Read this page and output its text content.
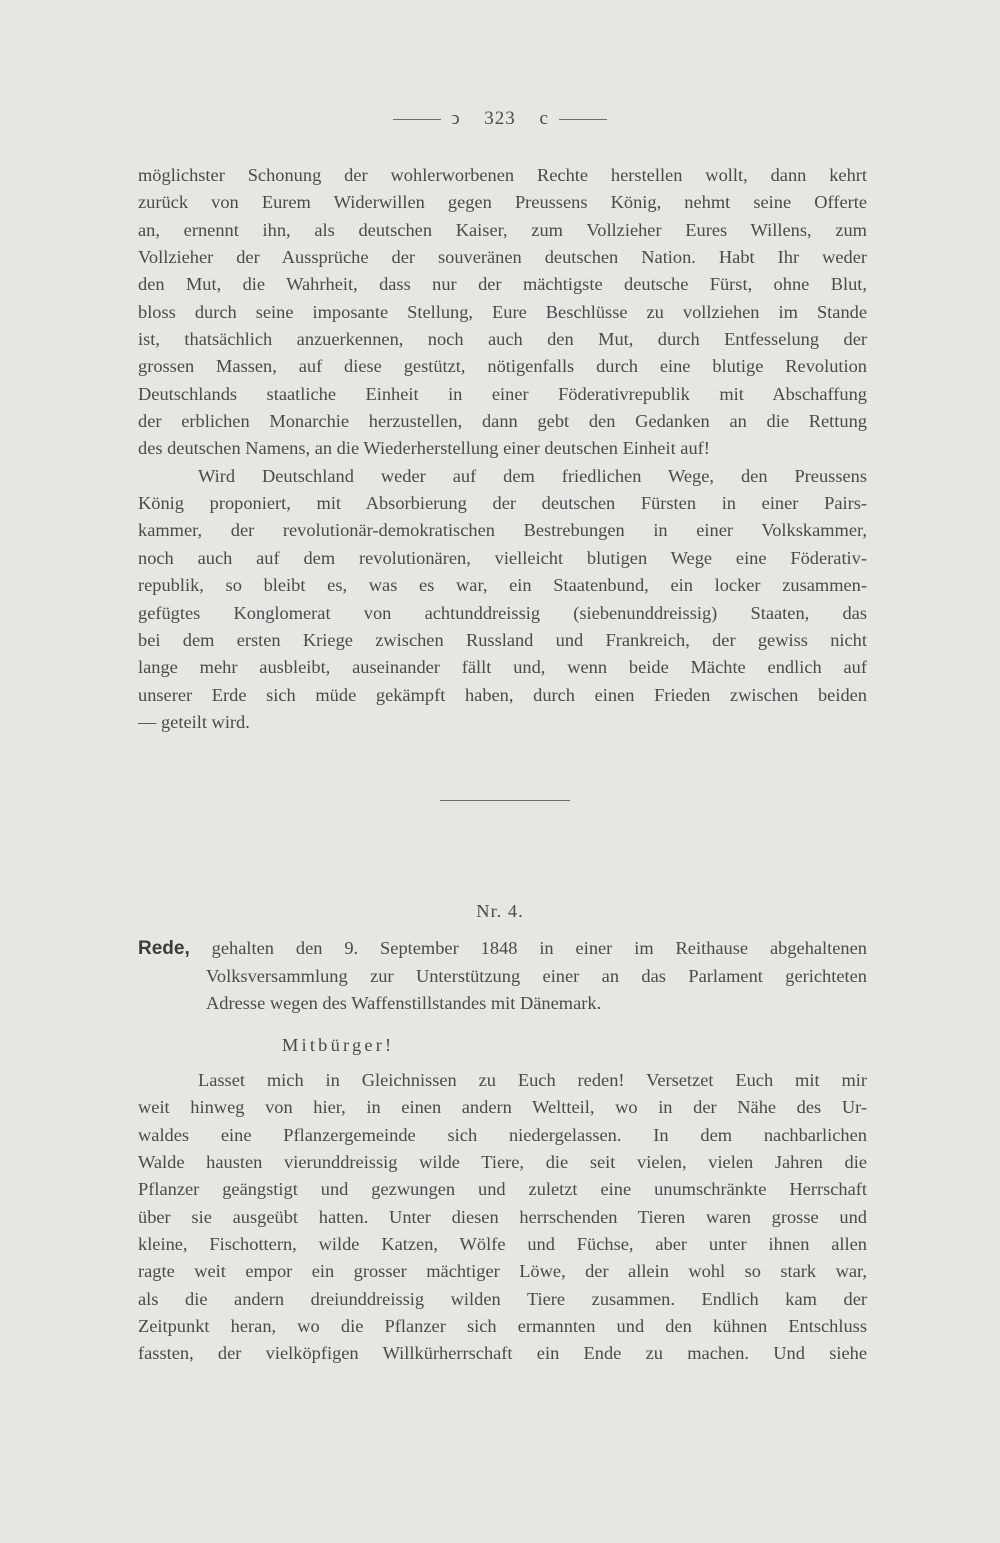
ↄ 323 c
möglichster Schonung der wohlerworbenen Rechte herstellen wollt, dann kehrt
zurück von Eurem Widerwillen gegen Preussens König, nehmt seine Offerte
an, ernennt ihn, als deutschen Kaiser, zum Vollzieher Eures Willens, zum
Vollzieher der Aussprüche der souveränen deutschen Nation. Habt Ihr weder
den Mut, die Wahrheit, dass nur der mächtigste deutsche Fürst, ohne Blut,
bloss durch seine imposante Stellung, Eure Beschlüsse zu vollziehen im Stande
ist, thatsächlich anzuerkennen, noch auch den Mut, durch Entfesselung der
grossen Massen, auf diese gestützt, nötigenfalls durch eine blutige Revolution
Deutschlands staatliche Einheit in einer Föderativrepublik mit Abschaffung
der erblichen Monarchie herzustellen, dann gebt den Gedanken an die Rettung
des deutschen Namens, an die Wiederherstellung einer deutschen Einheit auf!
Wird Deutschland weder auf dem friedlichen Wege, den Preussens
König proponiert, mit Absorbierung der deutschen Fürsten in einer Pairs-
kammer, der revolutionär-demokratischen Bestrebungen in einer Volkskammer,
noch auch auf dem revolutionären, vielleicht blutigen Wege eine Föderativ-
republik, so bleibt es, was es war, ein Staatenbund, ein locker zusammen-
gefügtes Konglomerat von achtunddreissig (siebenunddreissig) Staaten, das
bei dem ersten Kriege zwischen Russland und Frankreich, der gewiss nicht
lange mehr ausbleibt, auseinander fällt und, wenn beide Mächte endlich auf
unserer Erde sich müde gekämpft haben, durch einen Frieden zwischen beiden
— geteilt wird.
Nr. 4.
Rede, gehalten den 9. September 1848 in einer im Reithause abgehaltenen
Volksversammlung zur Unterstützung einer an das Parlament gerichteten
Adresse wegen des Waffenstillstandes mit Dänemark.
Mitbürger!
Lasset mich in Gleichnissen zu Euch reden! Versetzet Euch mit mir
weit hinweg von hier, in einen andern Weltteil, wo in der Nähe des Ur-
waldes eine Pflanzergemeinde sich niedergelassen. In dem nachbarlichen
Walde hausten vierunddreissig wilde Tiere, die seit vielen, vielen Jahren die
Pflanzer geängstigt und gezwungen und zuletzt eine unumschränkte Herrschaft
über sie ausgeübt hatten. Unter diesen herrschenden Tieren waren grosse und
kleine, Fischottern, wilde Katzen, Wölfe und Füchse, aber unter ihnen allen
ragte weit empor ein grosser mächtiger Löwe, der allein wohl so stark war,
als die andern dreiunddreissig wilden Tiere zusammen. Endlich kam der
Zeitpunkt heran, wo die Pflanzer sich ermannten und den kühnen Entschluss
fassten, der vielköpfigen Willkürherrschaft ein Ende zu machen. Und siehe
